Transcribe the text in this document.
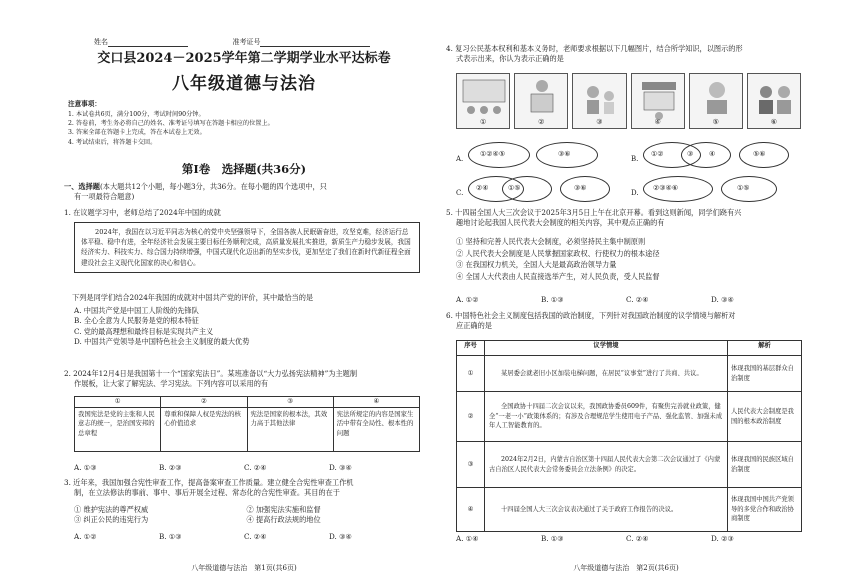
姓名	准考证号
交口县2024－2025学年第二学期学业水平达标卷
八年级道德与法治
注意事项：
1. 本试卷共6页，满分100分，考试时间90分钟。
2. 答卷前，考生务必将自己的姓名、准考证号填写在答题卡相应的位置上。
3. 答案全部在答题卡上完成，答在本试卷上无效。
4. 考试结束后，将答题卡交回。
第Ⅰ卷　选择题(共36分)
一、选择题(本大题共12个小题，每小题3分，共36分。在每小题的四个选项中，只
有一项最符合题意)
1. 在议题学习中，老师总结了2024年中国的成就
2024年，我国在以习近平同志为核心的党中央坚强领导下，全国各族人民眠砺奋进，攻坚克难，经济运行总体平稳、稳中有进，全年经济社会发展主要目标任务顺利完成，高质量发展扎实推进，新质生产力稳步发展，我国经济实力、科技实力、综合国力持续增强，中国式现代化迈出新的坚实步伐，更加坚定了我们在新时代新征程全面建设社会主义现代化国家的决心和信心。
下列是同学们结合2024年我国的成就对中国共产党的评价，其中最恰当的是
A. 中国共产党是中国工人阶级的先锋队
B. 全心全意为人民服务是党的根本特征
C. 党的最高理想和最终目标是实现共产主义
D. 中国共产党领导是中国特色社会主义制度的最大优势
2. 2024年12月4日是我国第十一个“国家宪法日”。某班准备以“大力弘扬宪法精神”为主题制
作展板，让大家了解宪法、学习宪法。下列内容可以采用的有
①	②	③	④
我国宪法是党的主张和人民意志的统一，是治国安邦的总章程	尊重和保障人权是宪法的核心价值追求	宪法是国家的根本法，其效力高于其他法律	宪法所规定的内容是国家生活中带有全局性、根本性的问题
A. ①③	B. ②③	C. ②④	D. ③④
3. 近年来，我国加强合宪性审查工作，提高备案审查工作质量。建立健全合宪性审查工作机
制，在立法修法的事前、事中、事后开展全过程、常态化的合宪性审查。其目的在于
① 维护宪法的尊严权威	② 加强宪法实施和监督
③ 纠正公民的违宪行为	④ 提高行政法规的地位
A. ①②	B. ①③	C. ②④	D. ③④
八年级道德与法治　第1页(共6页)
4. 复习公民基本权利和基本义务时，老师要求根据以下几幅图片，结合所学知识，以图示的形
式表示出来，你认为表示正确的是
①	②	③	④	⑤	⑥
A.
①②④⑤	③⑥
B.
①②	③ ④	⑤⑥
C.
②④	①⑤	③⑥
D.
②③④⑥	①⑤
5. 十四届全国人大三次会议于2025年3月5日上午在北京开幕。看到这则新闻，同学们跷有兴
趣地讨论起我国人民代表大会制度的相关内容，其中观点正确的有
① 坚持和完善人民代表大会制度，必须坚持民主集中制原则
② 人民代表大会制度是人民掌握国家政权、行使权力的根本途径
③ 在我国权力机关，全国人大是最高政治领导力量
④ 全国人大代表由人民直接选举产生，对人民负责，受人民监督
A. ①②	B. ①③	C. ②④	D. ③④
6. 中国特色社会主义制度包括我国的政治制度，下列针对我国政治制度的议学情境与解析对
应正确的是
序号	议学情境	解析
①	某居委会就老旧小区加装电梯问题，在居民“议事堂”进行了共商、共议。	体现我国的基层群众自治制度
②	全国政协十四届二次会议以来，我国政协委员609件，有聚焦完善就业政策，健全“一老一小”政策体系的；有涉及合理规范学生使用电子产品、强化监管、加强未成年人工智能教育的。	人民代表大会制度是我国的根本政治制度
③	2024年2月2日，内蒙古自治区第十四届人民代表大会第二次会议通过了《内蒙古自治区人民代表大会常务委员会立法条例》的决定。	体现我国的民族区域自治制度
④	十四届全国人大三次会议表决通过了关于政府工作报告的决议。	体现我国中国共产党领导的多党合作和政治协商制度
A. ①④	B. ①③	C. ②④	D. ②③
八年级道德与法治　第2页(共6页)
